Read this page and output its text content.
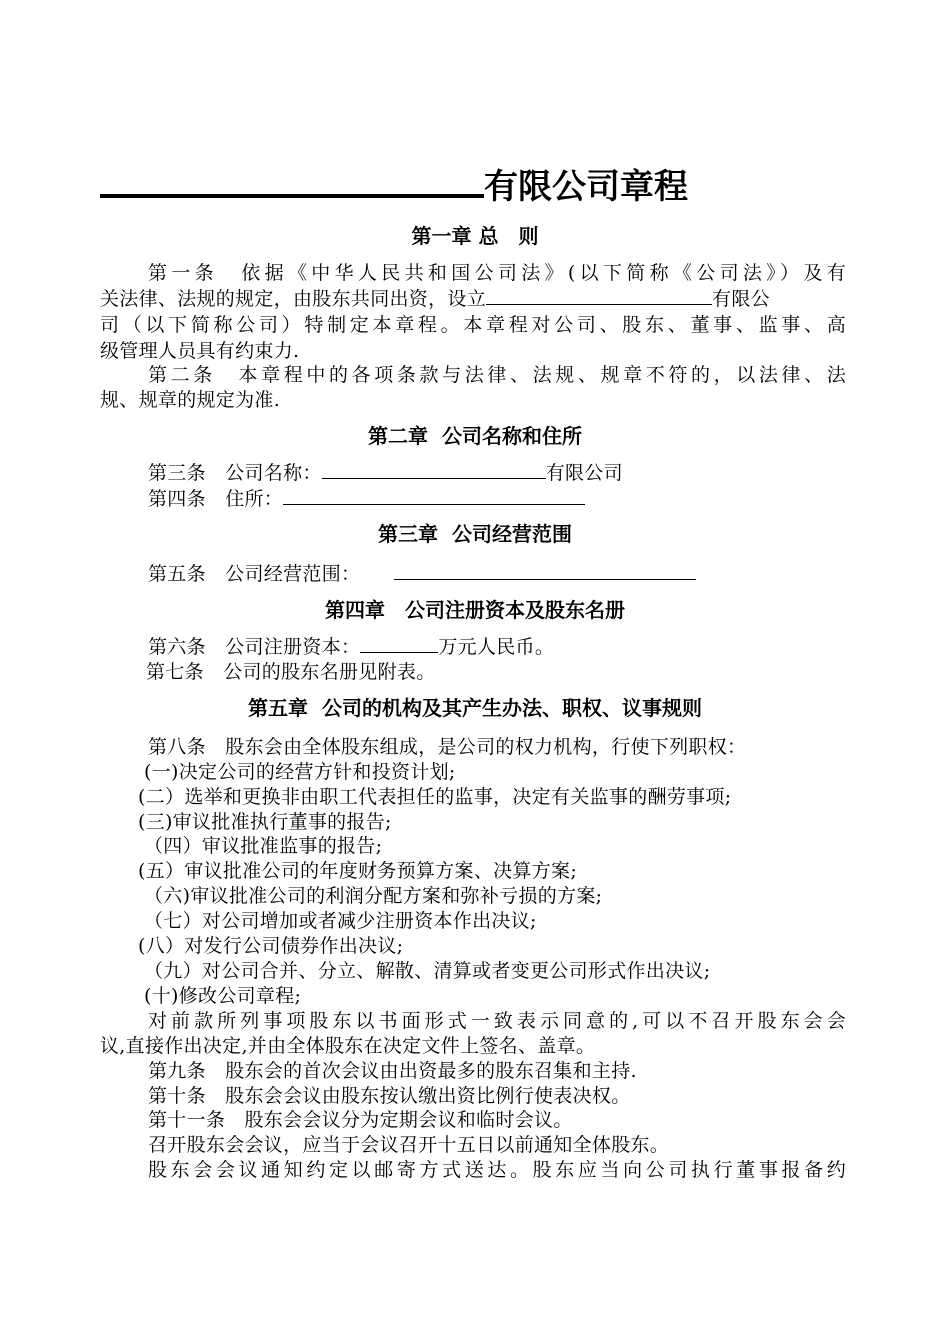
有限公司章程
第一章 总　则
第一条　依据《中华人民共和国公司法》(以下简称《公司法》）及有
关法律、法规的规定，由股东共同出资，设立	有限公
司（以下简称公司）特制定本章程。本章程对公司、股东、董事、监事、高
级管理人员具有约束力.
第二条　本章程中的各项条款与法律、法规、规章不符的，以法律、法
规、规章的规定为准.
第二章  公司名称和住所
第三条　公司名称：	有限公司
第四条　住所：
第三章  公司经营范围
第五条　公司经营范围：
第四章　公司注册资本及股东名册
第六条　公司注册资本：	万元人民币。
第七条　公司的股东名册见附表。
第五章  公司的机构及其产生办法、职权、议事规则
第八条　股东会由全体股东组成，是公司的权力机构，行使下列职权：
(一)决定公司的经营方针和投资计划;
(二）选举和更换非由职工代表担任的监事，决定有关监事的酬劳事项;
(三)审议批准执行董事的报告;
（四）审议批准监事的报告;
(五）审议批准公司的年度财务预算方案、决算方案;
（六)审议批准公司的利润分配方案和弥补亏损的方案;
（七）对公司增加或者减少注册资本作出决议;
(八）对发行公司债券作出决议;
（九）对公司合并、分立、解散、清算或者变更公司形式作出决议;
(十)修改公司章程;
对前款所列事项股东以书面形式一致表示同意的,可以不召开股东会会
议,直接作出决定,并由全体股东在决定文件上签名、盖章。
第九条　股东会的首次会议由出资最多的股东召集和主持.
第十条　股东会会议由股东按认缴出资比例行使表决权。
第十一条　股东会会议分为定期会议和临时会议。
召开股东会会议，应当于会议召开十五日以前通知全体股东。
股东会会议通知约定以邮寄方式送达。股东应当向公司执行董事报备约
